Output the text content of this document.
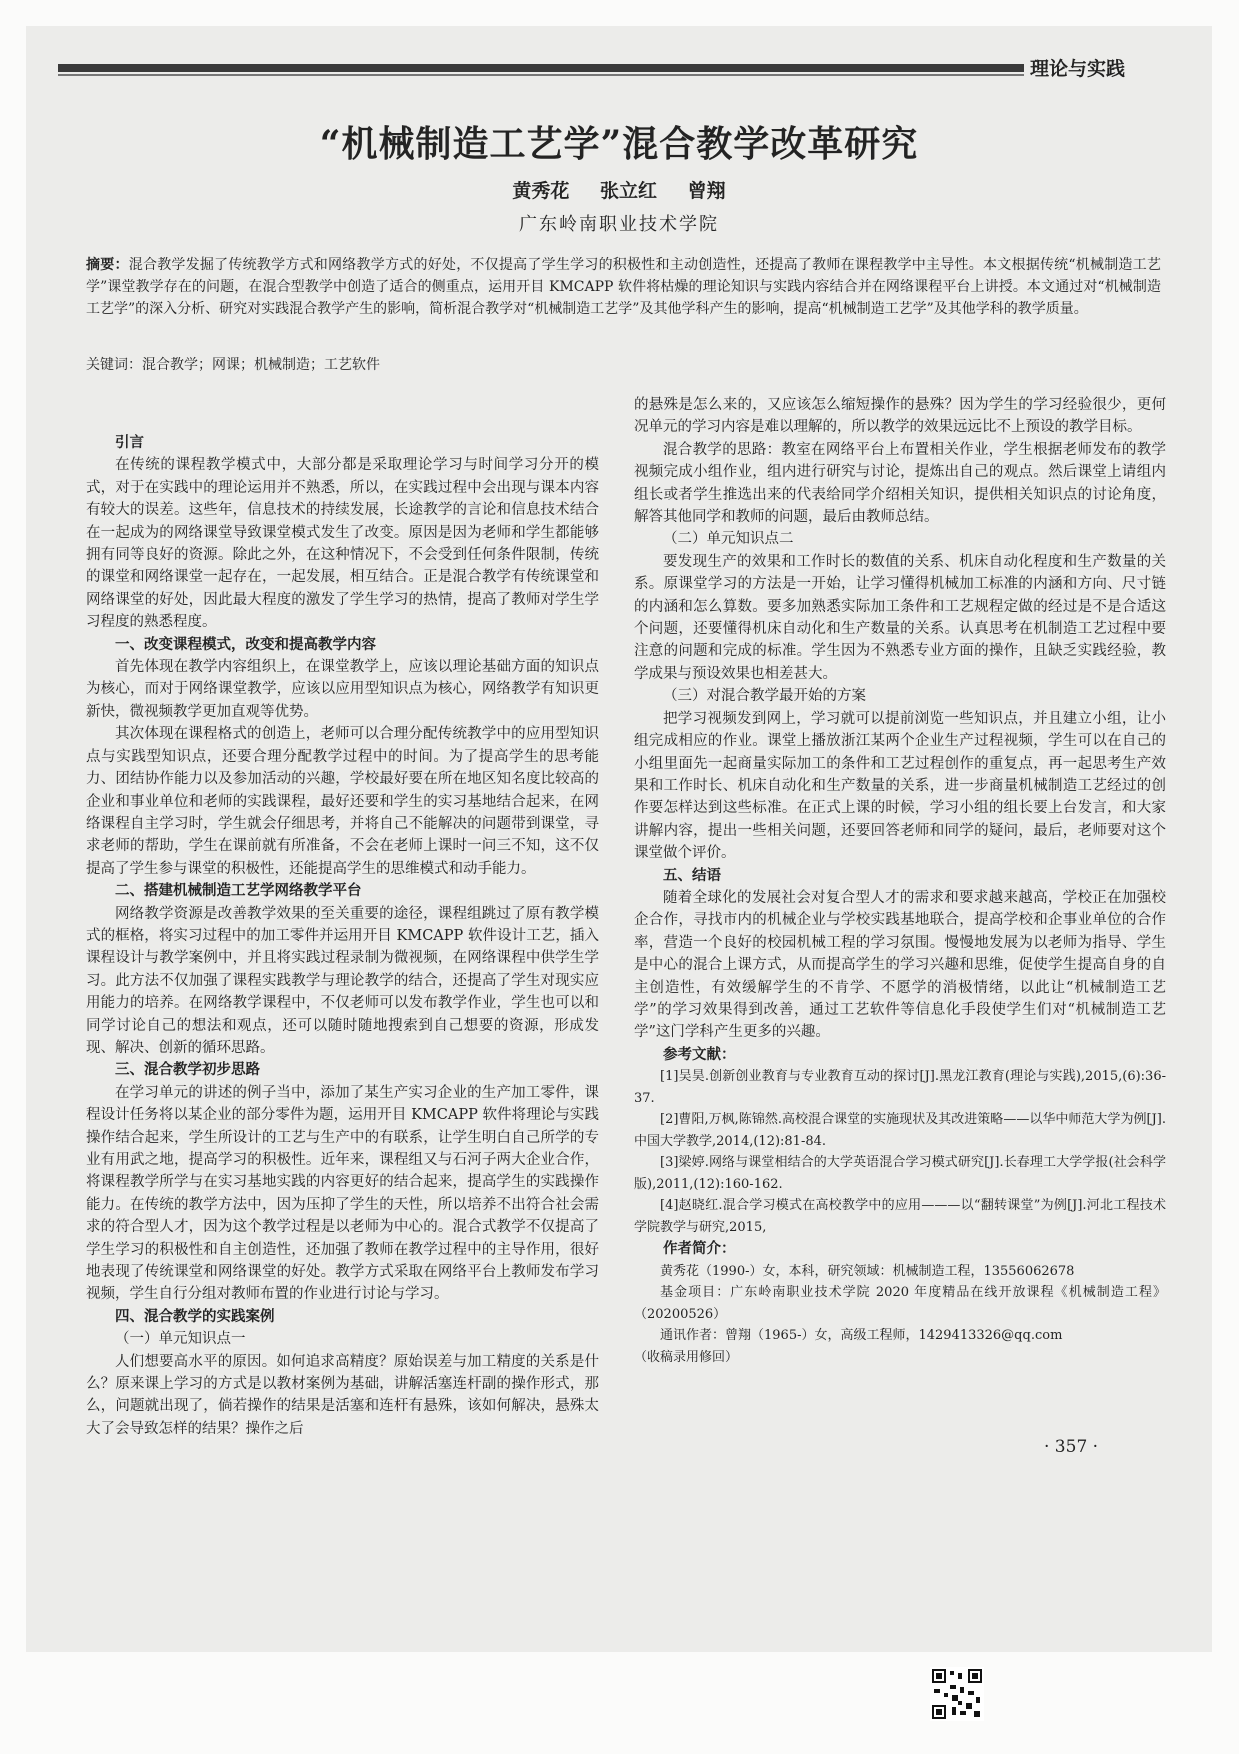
理论与实践
“机械制造工艺学”混合教学改革研究
黄秀花 张立红 曾翔
广东岭南职业技术学院
摘要：混合教学发掘了传统教学方式和网络教学方式的好处，不仅提高了学生学习的积极性和主动创造性，还提高了教师在课程教学中主导性。本文根据传统“机械制造工艺学”课堂教学存在的问题，在混合型教学中创造了适合的侧重点，运用开目 KMCAPP 软件将枯燥的理论知识与实践内容结合并在网络课程平台上讲授。本文通过对“机械制造工艺学”的深入分析、研究对实践混合教学产生的影响，简析混合教学对“机械制造工艺学”及其他学科产生的影响，提高“机械制造工艺学”及其他学科的教学质量。
关键词：混合教学；网课；机械制造；工艺软件
引言

在传统的课程教学模式中，大部分都是采取理论学习与时间学习分开的模式，对于在实践中的理论运用并不熟悉，所以，在实践过程中会出现与课本内容有较大的误差。这些年，信息技术的持续发展，长途教学的言论和信息技术结合在一起成为的网络课堂导致课堂模式发生了改变。原因是因为老师和学生都能够拥有同等良好的资源。除此之外，在这种情况下，不会受到任何条件限制，传统的课堂和网络课堂一起存在，一起发展，相互结合。正是混合教学有传统课堂和网络课堂的好处，因此最大程度的激发了学生学习的热情，提高了教师对学生学习程度的熟悉程度。

一、改变课程模式，改变和提高教学内容

首先体现在教学内容组织上，在课堂教学上，应该以理论基础方面的知识点为核心，而对于网络课堂教学，应该以应用型知识点为核心，网络教学有知识更新快，微视频教学更加直观等优势。

其次体现在课程格式的创造上，老师可以合理分配传统教学中的应用型知识点与实践型知识点，还要合理分配教学过程中的时间。为了提高学生的思考能力、团结协作能力以及参加活动的兴趣，学校最好要在所在地区知名度比较高的企业和事业单位和老师的实践课程，最好还要和学生的实习基地结合起来，在网络课程自主学习时，学生就会仔细思考，并将自己不能解决的问题带到课堂，寻求老师的帮助，学生在课前就有所准备，不会在老师上课时一问三不知，这不仅提高了学生参与课堂的积极性，还能提高学生的思维模式和动手能力。

二、搭建机械制造工艺学网络教学平台

网络教学资源是改善教学效果的至关重要的途径，课程组跳过了原有教学模式的框格，将实习过程中的加工零件并运用开目 KMCAPP 软件设计工艺，插入课程设计与教学案例中，并且将实践过程录制为微视频，在网络课程中供学生学习。此方法不仅加强了课程实践教学与理论教学的结合，还提高了学生对现实应用能力的培养。在网络教学课程中，不仅老师可以发布教学作业，学生也可以和同学讨论自己的想法和观点，还可以随时随地搜索到自己想要的资源，形成发现、解决、创新的循环思路。

三、混合教学初步思路

在学习单元的讲述的例子当中，添加了某生产实习企业的生产加工零件，课程设计任务将以某企业的部分零件为题，运用开目 KMCAPP 软件将理论与实践操作结合起来，学生所设计的工艺与生产中的有联系，让学生明白自己所学的专业有用武之地，提高学习的积极性。近年来，课程组又与石河子两大企业合作，将课程教学所学与在实习基地实践的内容更好的结合起来，提高学生的实践操作能力。在传统的教学方法中，因为压抑了学生的天性，所以培养不出符合社会需求的符合型人才，因为这个教学过程是以老师为中心的。混合式教学不仅提高了学生学习的积极性和自主创造性，还加强了教师在教学过程中的主导作用，很好地表现了传统课堂和网络课堂的好处。教学方式采取在网络平台上教师发布学习视频，学生自行分组对教师布置的作业进行讨论与学习。

四、混合教学的实践案例
（一）单元知识点一

人们想要高水平的原因。如何追求高精度？原始误差与加工精度的关系是什么？原来课上学习的方式是以教材案例为基础，讲解活塞连杆副的操作形式，那么，问题就出现了，倘若操作的结果是活塞和连杆有悬殊，该如何解决，悬殊太大了会导致怎样的结果？操作之后

的悬殊是怎么来的，又应该怎么缩短操作的悬殊？因为学生的学习经验很少，更何况单元的学习内容是难以理解的，所以教学的效果远远比不上预设的教学目标。

混合教学的思路：教室在网络平台上布置相关作业，学生根据老师发布的教学视频完成小组作业，组内进行研究与讨论，提炼出自己的观点。然后课堂上请组内组长或者学生推选出来的代表给同学介绍相关知识，提供相关知识点的讨论角度，解答其他同学和教师的问题，最后由教师总结。

（二）单元知识点二

要发现生产的效果和工作时长的数值的关系、机床自动化程度和生产数量的关系。原课堂学习的方法是一开始，让学习懂得机械加工标准的内涵和方向、尺寸链的内涵和怎么算数。要多加熟悉实际加工条件和工艺规程定做的经过是不是合适这个问题，还要懂得机床自动化和生产数量的关系。认真思考在机制造工艺过程中要注意的问题和完成的标准。学生因为不熟悉专业方面的操作，且缺乏实践经验，教学成果与预设效果也相差甚大。

（三）对混合教学最开始的方案

把学习视频发到网上，学习就可以提前浏览一些知识点，并且建立小组，让小组完成相应的作业。课堂上播放浙江某两个企业生产过程视频，学生可以在自己的小组里面先一起商量实际加工的条件和工艺过程创作的重复点，再一起思考生产效果和工作时长、机床自动化和生产数量的关系，进一步商量机械制造工艺经过的创作要怎样达到这些标准。在正式上课的时候，学习小组的组长要上台发言，和大家讲解内容，提出一些相关问题，还要回答老师和同学的疑问，最后，老师要对这个课堂做个评价。

五、结语

随着全球化的发展社会对复合型人才的需求和要求越来越高，学校正在加强校企合作，寻找市内的机械企业与学校实践基地联合，提高学校和企事业单位的合作率，营造一个良好的校园机械工程的学习氛围。慢慢地发展为以老师为指导、学生是中心的混合上课方式，从而提高学生的学习兴趣和思维，促使学生提高自身的自主创造性，有效缓解学生的不肯学、不愿学的消极情绪，以此让“机械制造工艺学”的学习效果得到改善，通过工艺软件等信息化手段使学生们对“机械制造工艺学”这门学科产生更多的兴趣。

参考文献：

[1]吴昊.创新创业教育与专业教育互动的探讨[J].黑龙江教育(理论与实践),2015,(6):36-37.

[2]曹阳,万枫,陈锦然.高校混合课堂的实施现状及其改进策略——以华中师范大学为例[J].中国大学教学,2014,(12):81-84.

[3]梁婷.网络与课堂相结合的大学英语混合学习模式研究[J].长春理工大学学报(社会科学版),2011,(12):160-162.

[4]赵晓红.混合学习模式在高校教学中的应用———以“翻转课堂”为例[J].河北工程技术学院教学与研究,2015,

作者简介：

黄秀花（1990-）女，本科，研究领域：机械制造工程，13556062678

基金项目：广东岭南职业技术学院 2020 年度精品在线开放课程《机械制造工程》（20200526）

通讯作者：曾翔（1965-）女，高级工程师，1429413326@qq.com

（收稿录用修回）

· 357 ·
